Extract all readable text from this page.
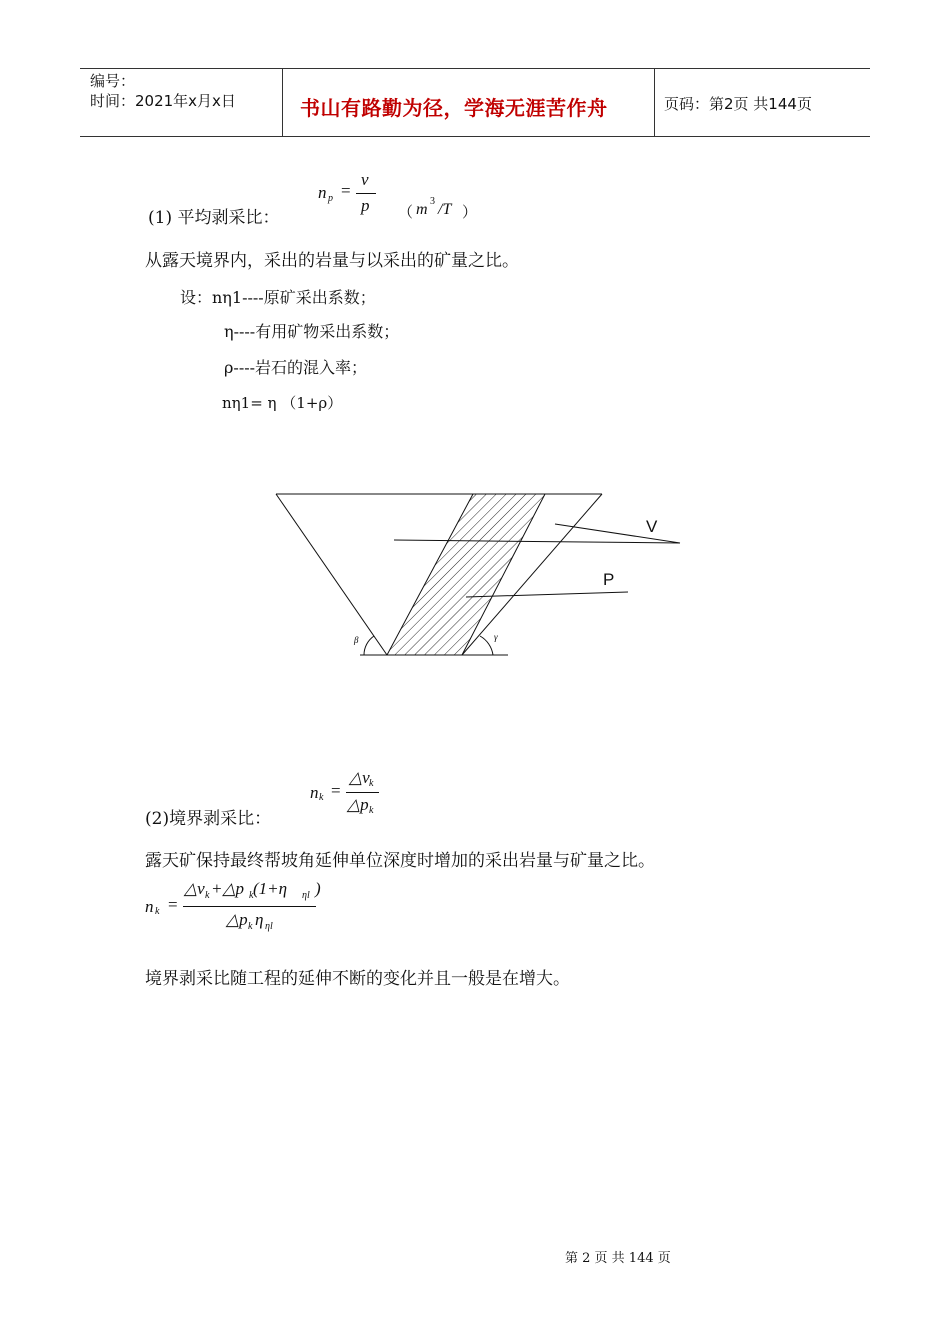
编号：
时间：2021年x月x日	书山有路勤为径，学海无涯苦作舟	页码：第2页 共144页
(1) 平均剥采比：
n p =
v
p （ m 3 /T ）
从露天境界内，采出的岩量与以采出的矿量之比。
设：nη1----原矿采出系数；
η----有用矿物采出系数；
ρ----岩石的混入率；
nη1= η （1+ρ）
β	γ
V
P
(2)境界剥采比：
n k =
△v k
△p k
露天矿保持最终帮坡角延伸单位深度时增加的采出岩量与矿量之比。
n k =
△v k +△p k (1+η ηl )
△p k η ηl
境界剥采比随工程的延伸不断的变化并且一般是在增大。
第 2 页 共 144 页
